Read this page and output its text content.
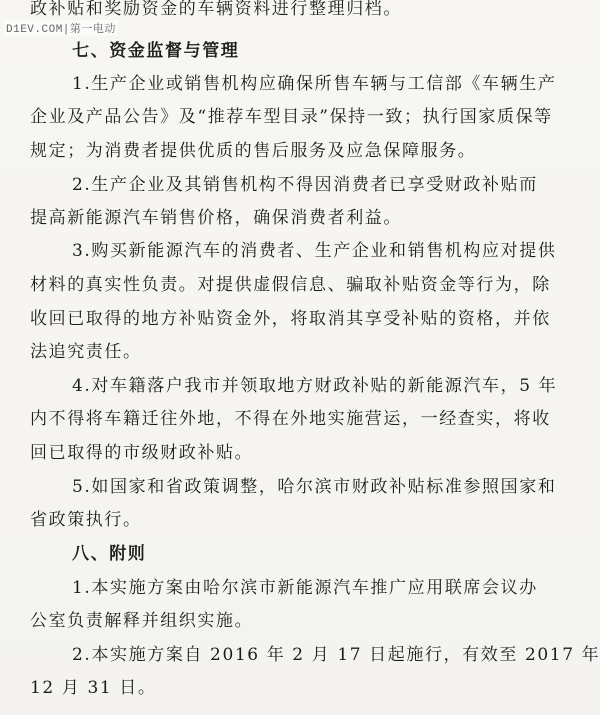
D1EV.COM|第一电动
政补贴和奖励资金的车辆资料进行整理归档。
七、资金监督与管理
1.生产企业或销售机构应确保所售车辆与工信部《车辆生产
企业及产品公告》及“推荐车型目录”保持一致；执行国家质保等
规定；为消费者提供优质的售后服务及应急保障服务。
2.生产企业及其销售机构不得因消费者已享受财政补贴而
提高新能源汽车销售价格，确保消费者利益。
3.购买新能源汽车的消费者、生产企业和销售机构应对提供
材料的真实性负责。对提供虚假信息、骗取补贴资金等行为，除
收回已取得的地方补贴资金外，将取消其享受补贴的资格，并依
法追究责任。
4.对车籍落户我市并领取地方财政补贴的新能源汽车，5 年
内不得将车籍迁往外地，不得在外地实施营运，一经查实，将收
回已取得的市级财政补贴。
5.如国家和省政策调整，哈尔滨市财政补贴标准参照国家和
省政策执行。
八、附则
1.本实施方案由哈尔滨市新能源汽车推广应用联席会议办
公室负责解释并组织实施。
2.本实施方案自 2016 年 2 月 17 日起施行，有效至 2017 年
12 月 31 日。
